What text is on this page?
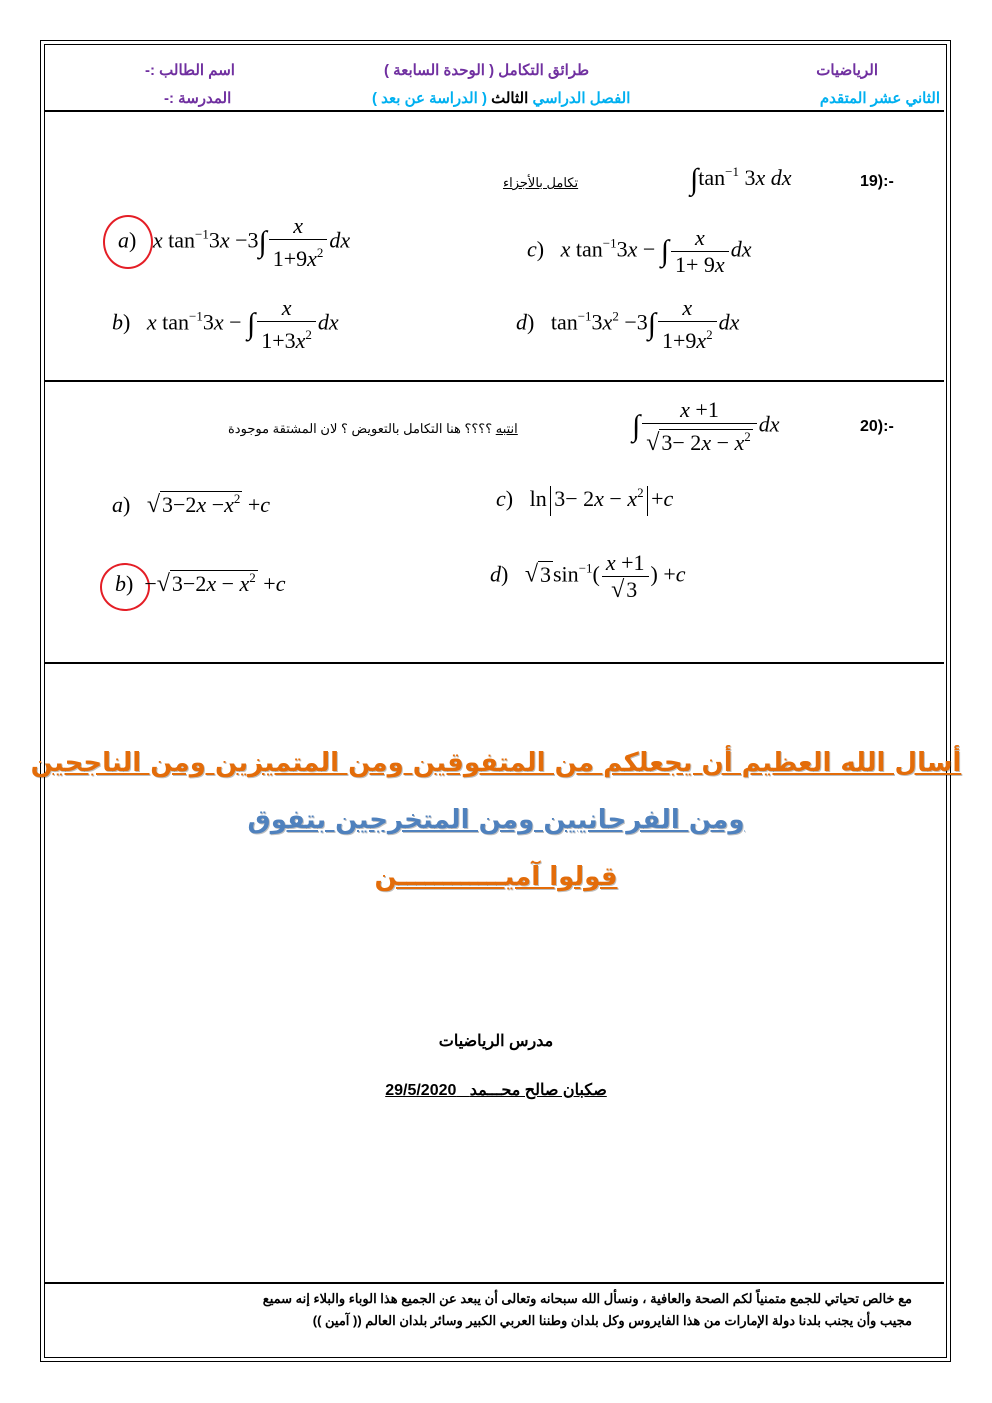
الرياضيات
الثاني عشر المتقدم
طرائق التكامل ( الوحدة السابعة )
الفصل الدراسي الثالث ( الدراسة عن بعد )
اسم الطالب :-
المدرسة :-
19):-
$\int\tan^{-1}$ 3x dx
تكامل بالأجزاء
a)   x $\tan^{-1}3x -3\int \frac{x}{1+9x^2}$ dx	c)   x $\tan^{-1}3x$ − ∫ $\frac{x}{1+ 9x}$ dx
b)   x $\tan^{-1}3x$ − ∫ $\frac{x}{1+3x^2}$ dx	d)   $\tan^{-1}3x^2 -3\int \frac{x}{1+9x^2}$ dx
20):-
∫ $\frac{x +1}{√3- 2x - x^2}$ dx
انتبه ؟؟؟؟ هنا التكامل بالتعويض ؟ لان المشتقة موجودة
a)   $√3-2x -x^2 +c$	c)   $\ln 3- 2x - x^2 +c$
$b) -√3-2x - x^2 +c$	d)   $√3\sin^{-1}( \frac{x +1}{√3}$ ) +c
أسال الله العظيم أن يجعلكم من المتفوقين ومن المتميزين ومن الناجحين
ومن الفرحانيين ومن المتخرجين بتفوق
قولوا آميــــــــــــن
مدرس الرياضيات
صكبان صالح محـــمد   29/5/2020
مع خالص تحياتي للجمع متمنياً لكم الصحة والعافية ، ونسأل الله سبحانه وتعالى أن يبعد عن الجميع هذا الوباء والبلاء إنه سميع
مجيب وأن يجنب بلدنا دولة الإمارات من هذا الفايروس وكل بلدان وطننا العربي الكبير وسائر بلدان العالم (( آمين ))
